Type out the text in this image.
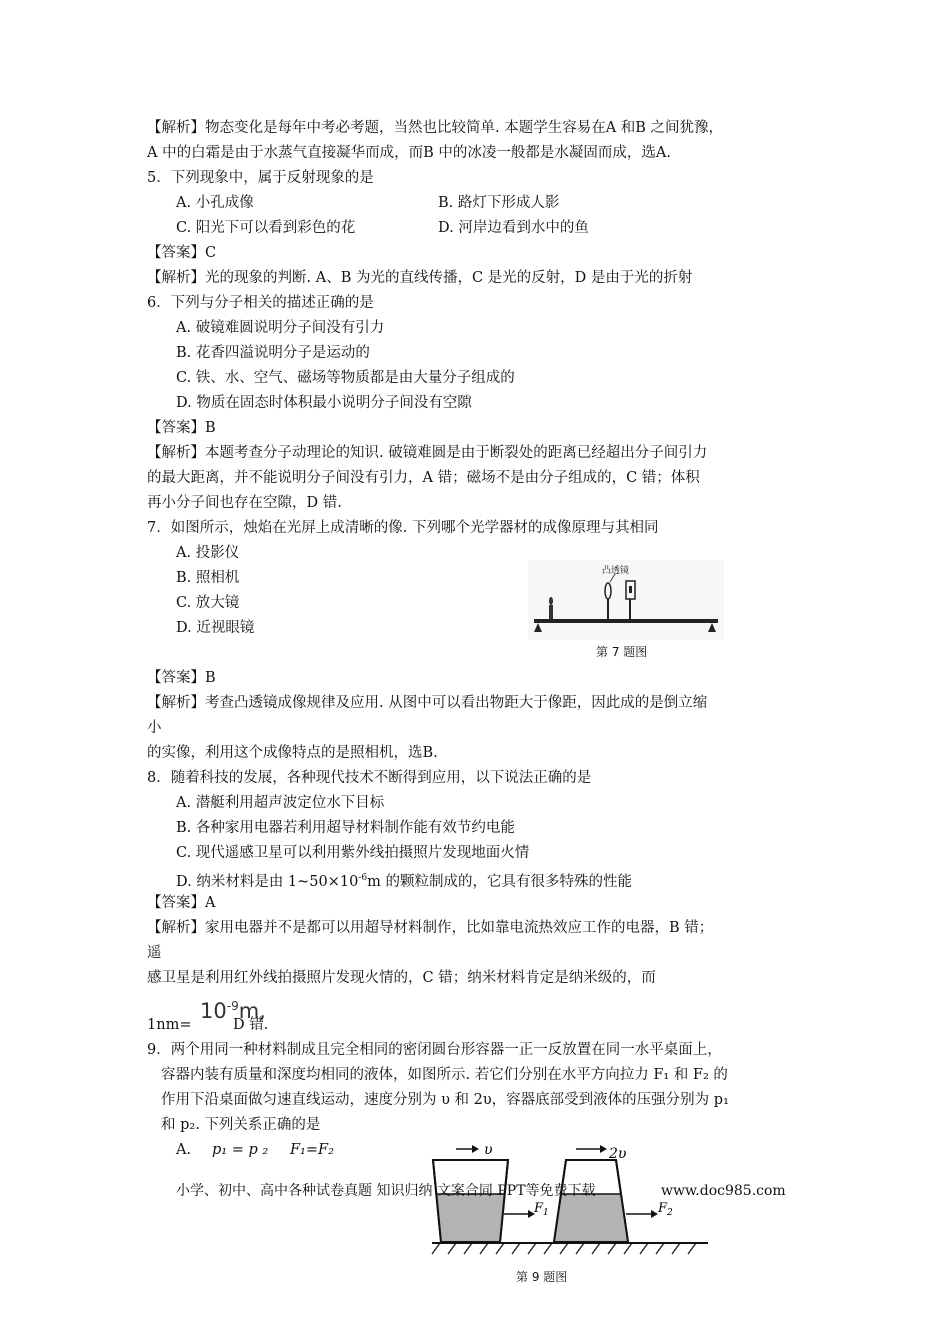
【解析】物态变化是每年中考必考题，当然也比较简单. 本题学生容易在A 和B 之间犹豫，
A 中的白霜是由于水蒸气直接凝华而成，而B 中的冰凌一般都是水凝固而成，选A.
5．下列现象中，属于反射现象的是
A. 小孔成像	B. 路灯下形成人影
C. 阳光下可以看到彩色的花	D. 河岸边看到水中的鱼
【答案】C
【解析】光的现象的判断. A、B 为光的直线传播，C 是光的反射，D 是由于光的折射
6．下列与分子相关的描述正确的是
A. 破镜难圆说明分子间没有引力
B. 花香四溢说明分子是运动的
C. 铁、水、空气、磁场等物质都是由大量分子组成的
D. 物质在固态时体积最小说明分子间没有空隙
【答案】B
【解析】本题考查分子动理论的知识. 破镜难圆是由于断裂处的距离已经超出分子间引力
的最大距离，并不能说明分子间没有引力，A 错；磁场不是由分子组成的，C 错；体积
再小分子间也存在空隙，D 错.
7．如图所示，烛焰在光屏上成清晰的像. 下列哪个光学器材的成像原理与其相同
A. 投影仪
B. 照相机
C. 放大镜
D. 近视眼镜
凸透镜
第 7 题图
【答案】B
【解析】考查凸透镜成像规律及应用. 从图中可以看出物距大于像距，因此成的是倒立缩
小
的实像，利用这个成像特点的是照相机，选B.
8．随着科技的发展，各种现代技术不断得到应用，以下说法正确的是
A. 潜艇利用超声波定位水下目标
B. 各种家用电器若利用超导材料制作能有效节约电能
C. 现代遥感卫星可以利用紫外线拍摄照片发现地面火情
D. 纳米材料是由 $1\sim 50\times 10^{-6}m$ 的颗粒制成的，它具有很多特殊的性能
【答案】A
【解析】家用电器并不是都可以用超导材料制作，比如靠电流热效应工作的电器，B 错；
遥
感卫星是利用红外线拍摄照片发现火情的，C 错；纳米材料肯定是纳米级的，而
1nm=
$10^{-9}m$,
D 错.
9．两个用同一种材料制成且完全相同的密闭圆台形容器一正一反放置在同一水平桌面上，
容器内装有质量和深度均相同的液体，如图所示. 若它们分别在水平方向拉力 F₁ 和 F₂ 的
作用下沿桌面做匀速直线运动，速度分别为 υ 和 2υ，容器底部受到液体的压强分别为 p₁
和 p₂. 下列关系正确的是
A. p₁ = p ₂ F₁=F₂	υ	2υ
$F_1$	$F_2$
第 9 题图
小学、初中、高中各种试卷真题 知识归纳 文案合同 PPT等免费下载	www.doc985.com
